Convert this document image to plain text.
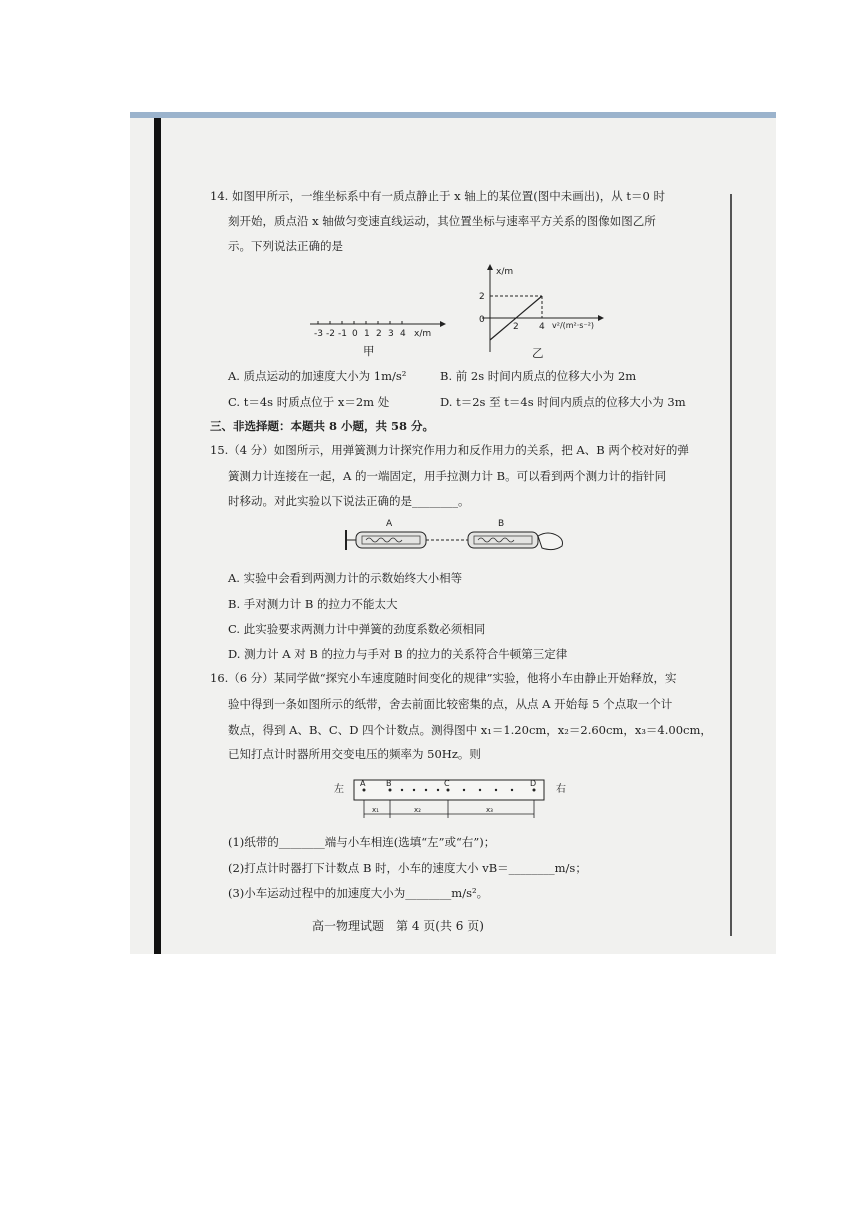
14. 如图甲所示，一维坐标系中有一质点静止于 x 轴上的某位置(图中未画出)，从 t＝0 时
刻开始，质点沿 x 轴做匀变速直线运动，其位置坐标与速率平方关系的图像如图乙所
示。下列说法正确的是
-3 -2 -1 0 1 2 3 4 x/m
甲
x/m
2
0
2 4 v²/(m²·s⁻²)
乙
A. 质点运动的加速度大小为 1m/s²	B. 前 2s 时间内质点的位移大小为 2m
C. t＝4s 时质点位于 x＝2m 处	D. t＝2s 至 t＝4s 时间内质点的位移大小为 3m
三、非选择题：本题共 8 小题，共 58 分。
15.（4 分）如图所示，用弹簧测力计探究作用力和反作用力的关系，把 A、B 两个校对好的弹
簧测力计连接在一起，A 的一端固定，用手拉测力计 B。可以看到两个测力计的指针同
时移动。对此实验以下说法正确的是________。
A	B
A. 实验中会看到两测力计的示数始终大小相等
B. 手对测力计 B 的拉力不能太大
C. 此实验要求两测力计中弹簧的劲度系数必须相同
D. 测力计 A 对 B 的拉力与手对 B 的拉力的关系符合牛顿第三定律
16.（6 分）某同学做“探究小车速度随时间变化的规律”实验，他将小车由静止开始释放，实
验中得到一条如图所示的纸带，舍去前面比较密集的点，从点 A 开始每 5 个点取一个计
数点，得到 A、B、C、D 四个计数点。测得图中 x₁＝1.20cm，x₂＝2.60cm，x₃＝4.00cm，
已知打点计时器所用交变电压的频率为 50Hz。则
左	右
A	B	C	D
x₁	x₂	x₃
(1)纸带的________端与小车相连(选填“左”或“右”)；
(2)打点计时器打下计数点 B 时，小车的速度大小 vB＝________m/s；
(3)小车运动过程中的加速度大小为________m/s²。
高一物理试题　第 4 页(共 6 页)
